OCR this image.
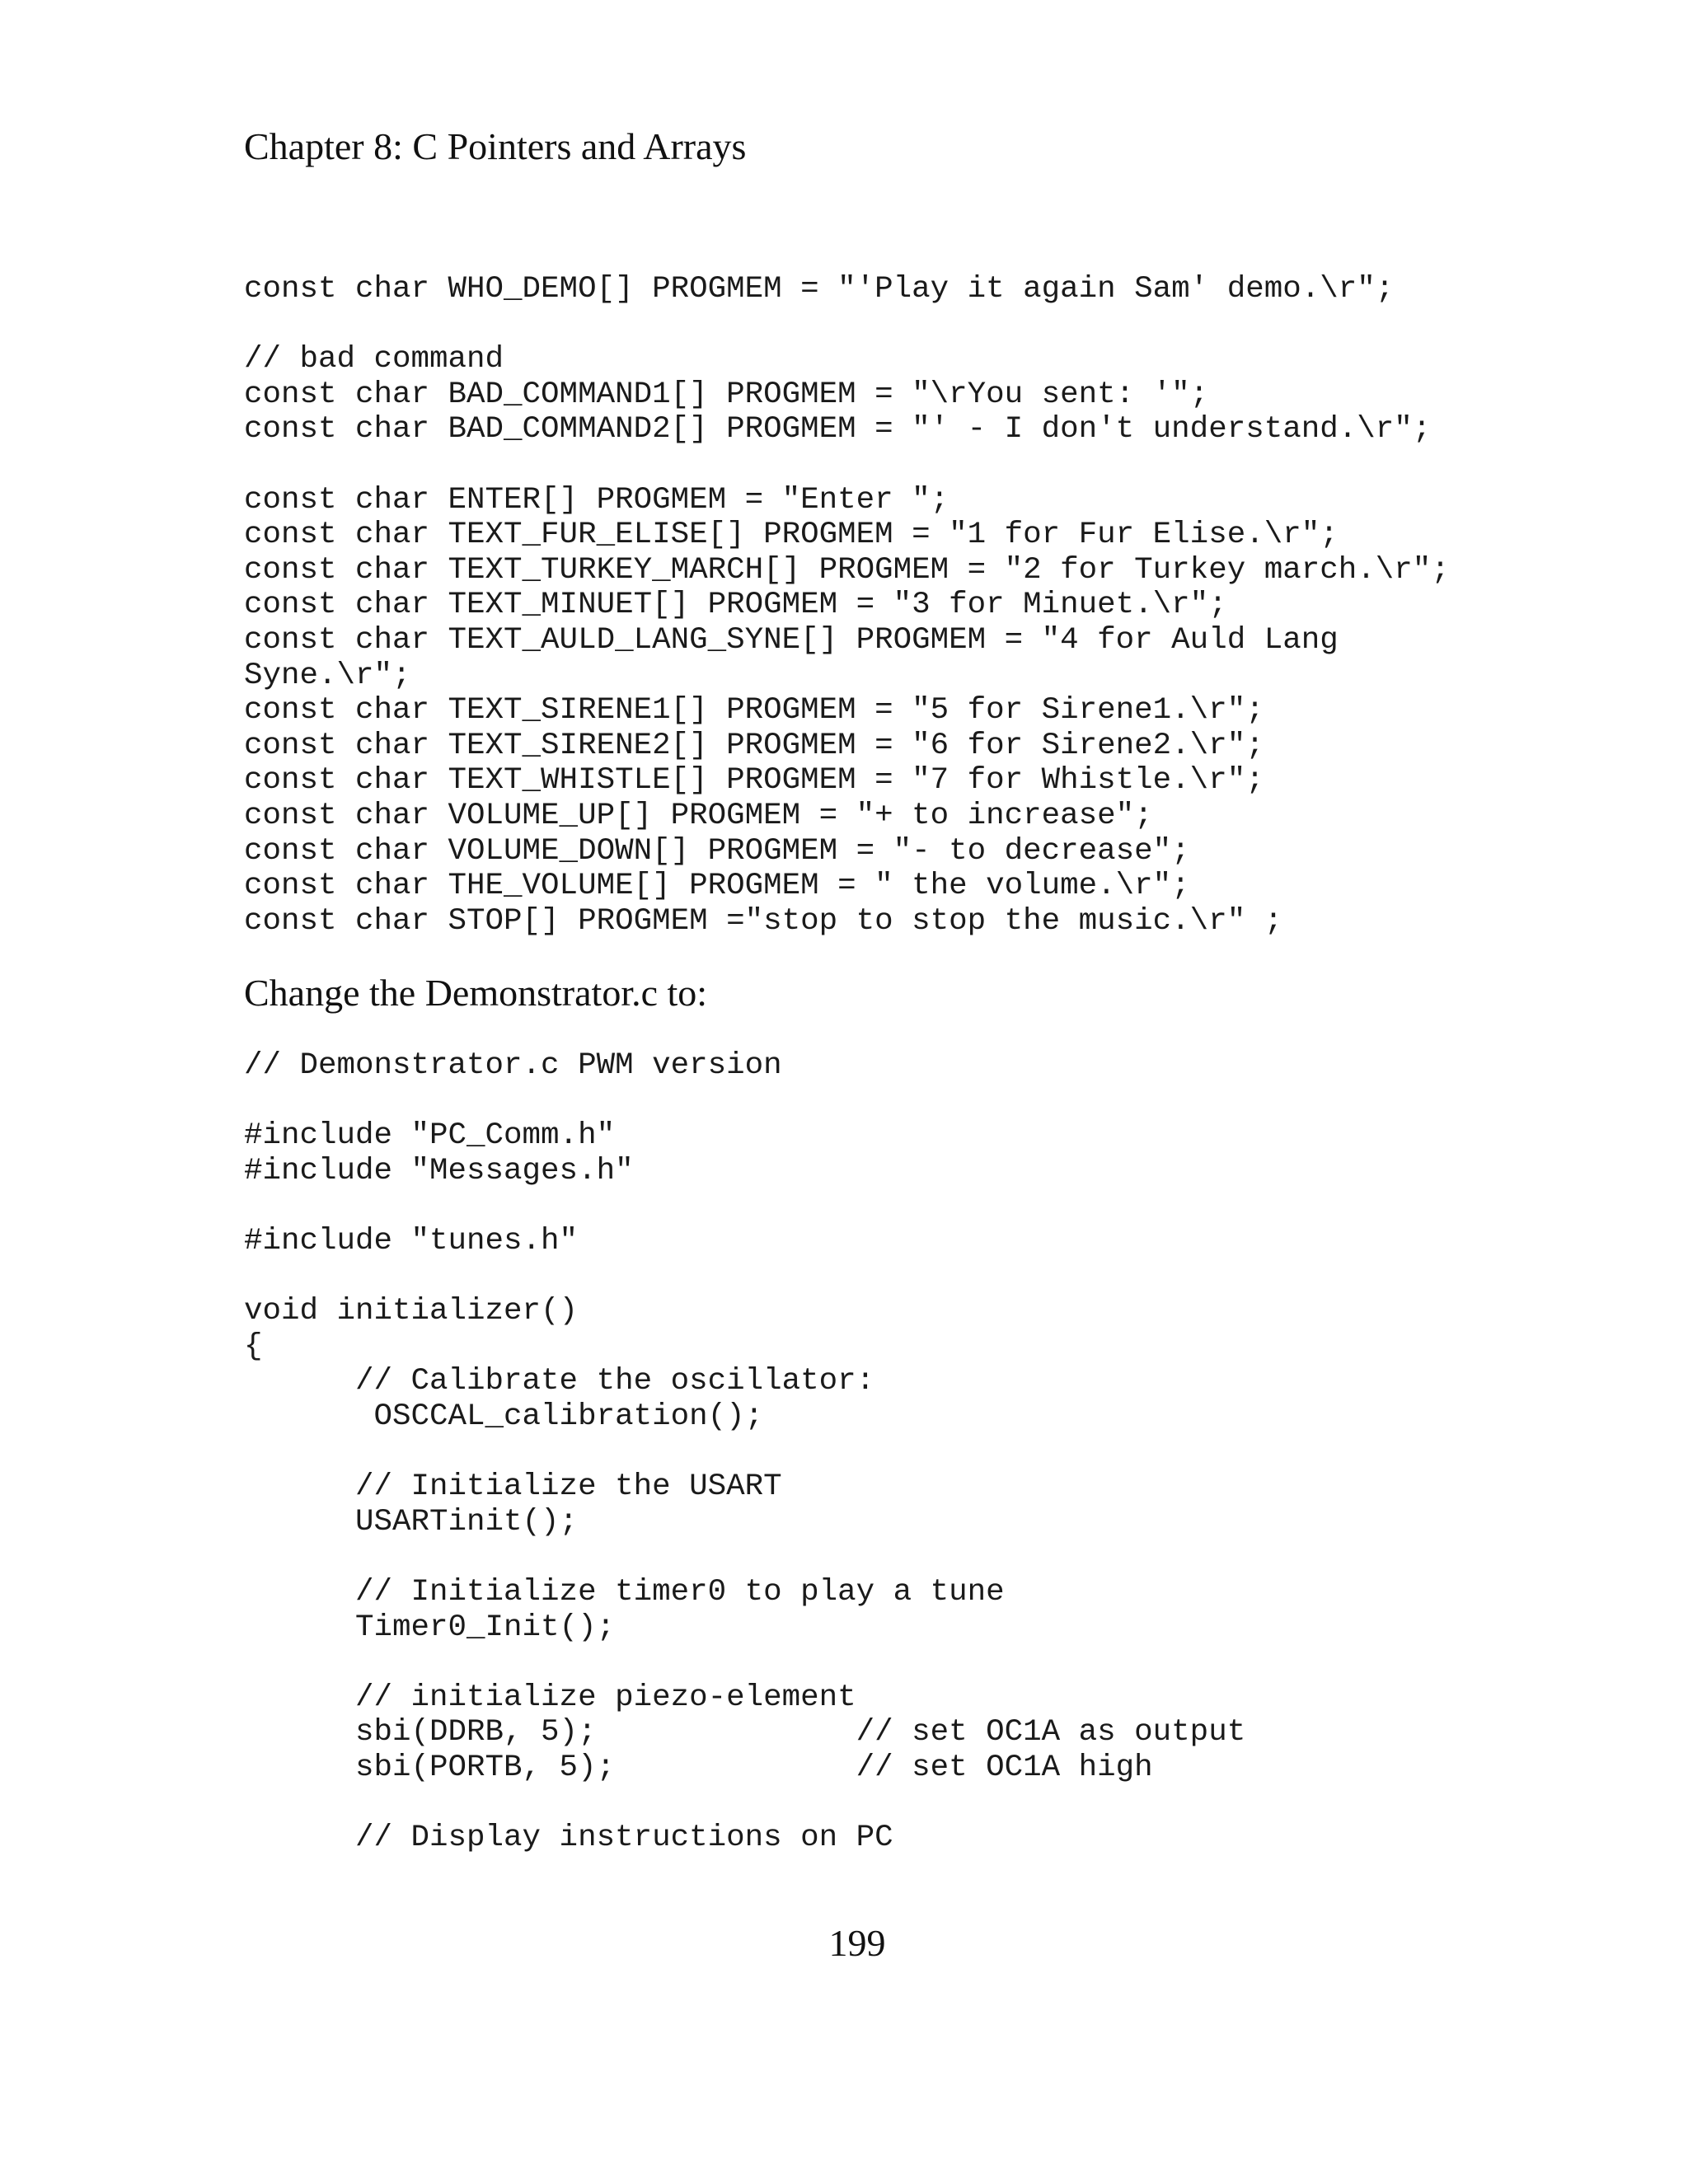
Chapter 8: C Pointers and Arrays
const char WHO_DEMO[] PROGMEM = "'Play it again Sam' demo.\r";
// bad command
const char BAD_COMMAND1[] PROGMEM = "\rYou sent: '";
const char BAD_COMMAND2[] PROGMEM = "' - I don't understand.\r";
const char ENTER[] PROGMEM = "Enter ";
const char TEXT_FUR_ELISE[] PROGMEM = "1 for Fur Elise.\r";
const char TEXT_TURKEY_MARCH[] PROGMEM = "2 for Turkey march.\r";
const char TEXT_MINUET[] PROGMEM = "3 for Minuet.\r";
const char TEXT_AULD_LANG_SYNE[] PROGMEM = "4 for Auld Lang
Syne.\r";
const char TEXT_SIRENE1[] PROGMEM = "5 for Sirene1.\r";
const char TEXT_SIRENE2[] PROGMEM = "6 for Sirene2.\r";
const char TEXT_WHISTLE[] PROGMEM = "7 for Whistle.\r";
const char VOLUME_UP[] PROGMEM = "+ to increase";
const char VOLUME_DOWN[] PROGMEM = "- to decrease";
const char THE_VOLUME[] PROGMEM = " the volume.\r";
const char STOP[] PROGMEM ="stop to stop the music.\r" ;
Change the Demonstrator.c to:
// Demonstrator.c PWM version
#include "PC_Comm.h"
#include "Messages.h"
#include "tunes.h"
void initializer()
{
// Calibrate the oscillator:
OSCCAL_calibration();
// Initialize the USART
USARTinit();
// Initialize timer0 to play a tune
Timer0_Init();
// initialize piezo-element
sbi(DDRB, 5);              // set OC1A as output
sbi(PORTB, 5);             // set OC1A high
// Display instructions on PC
199
